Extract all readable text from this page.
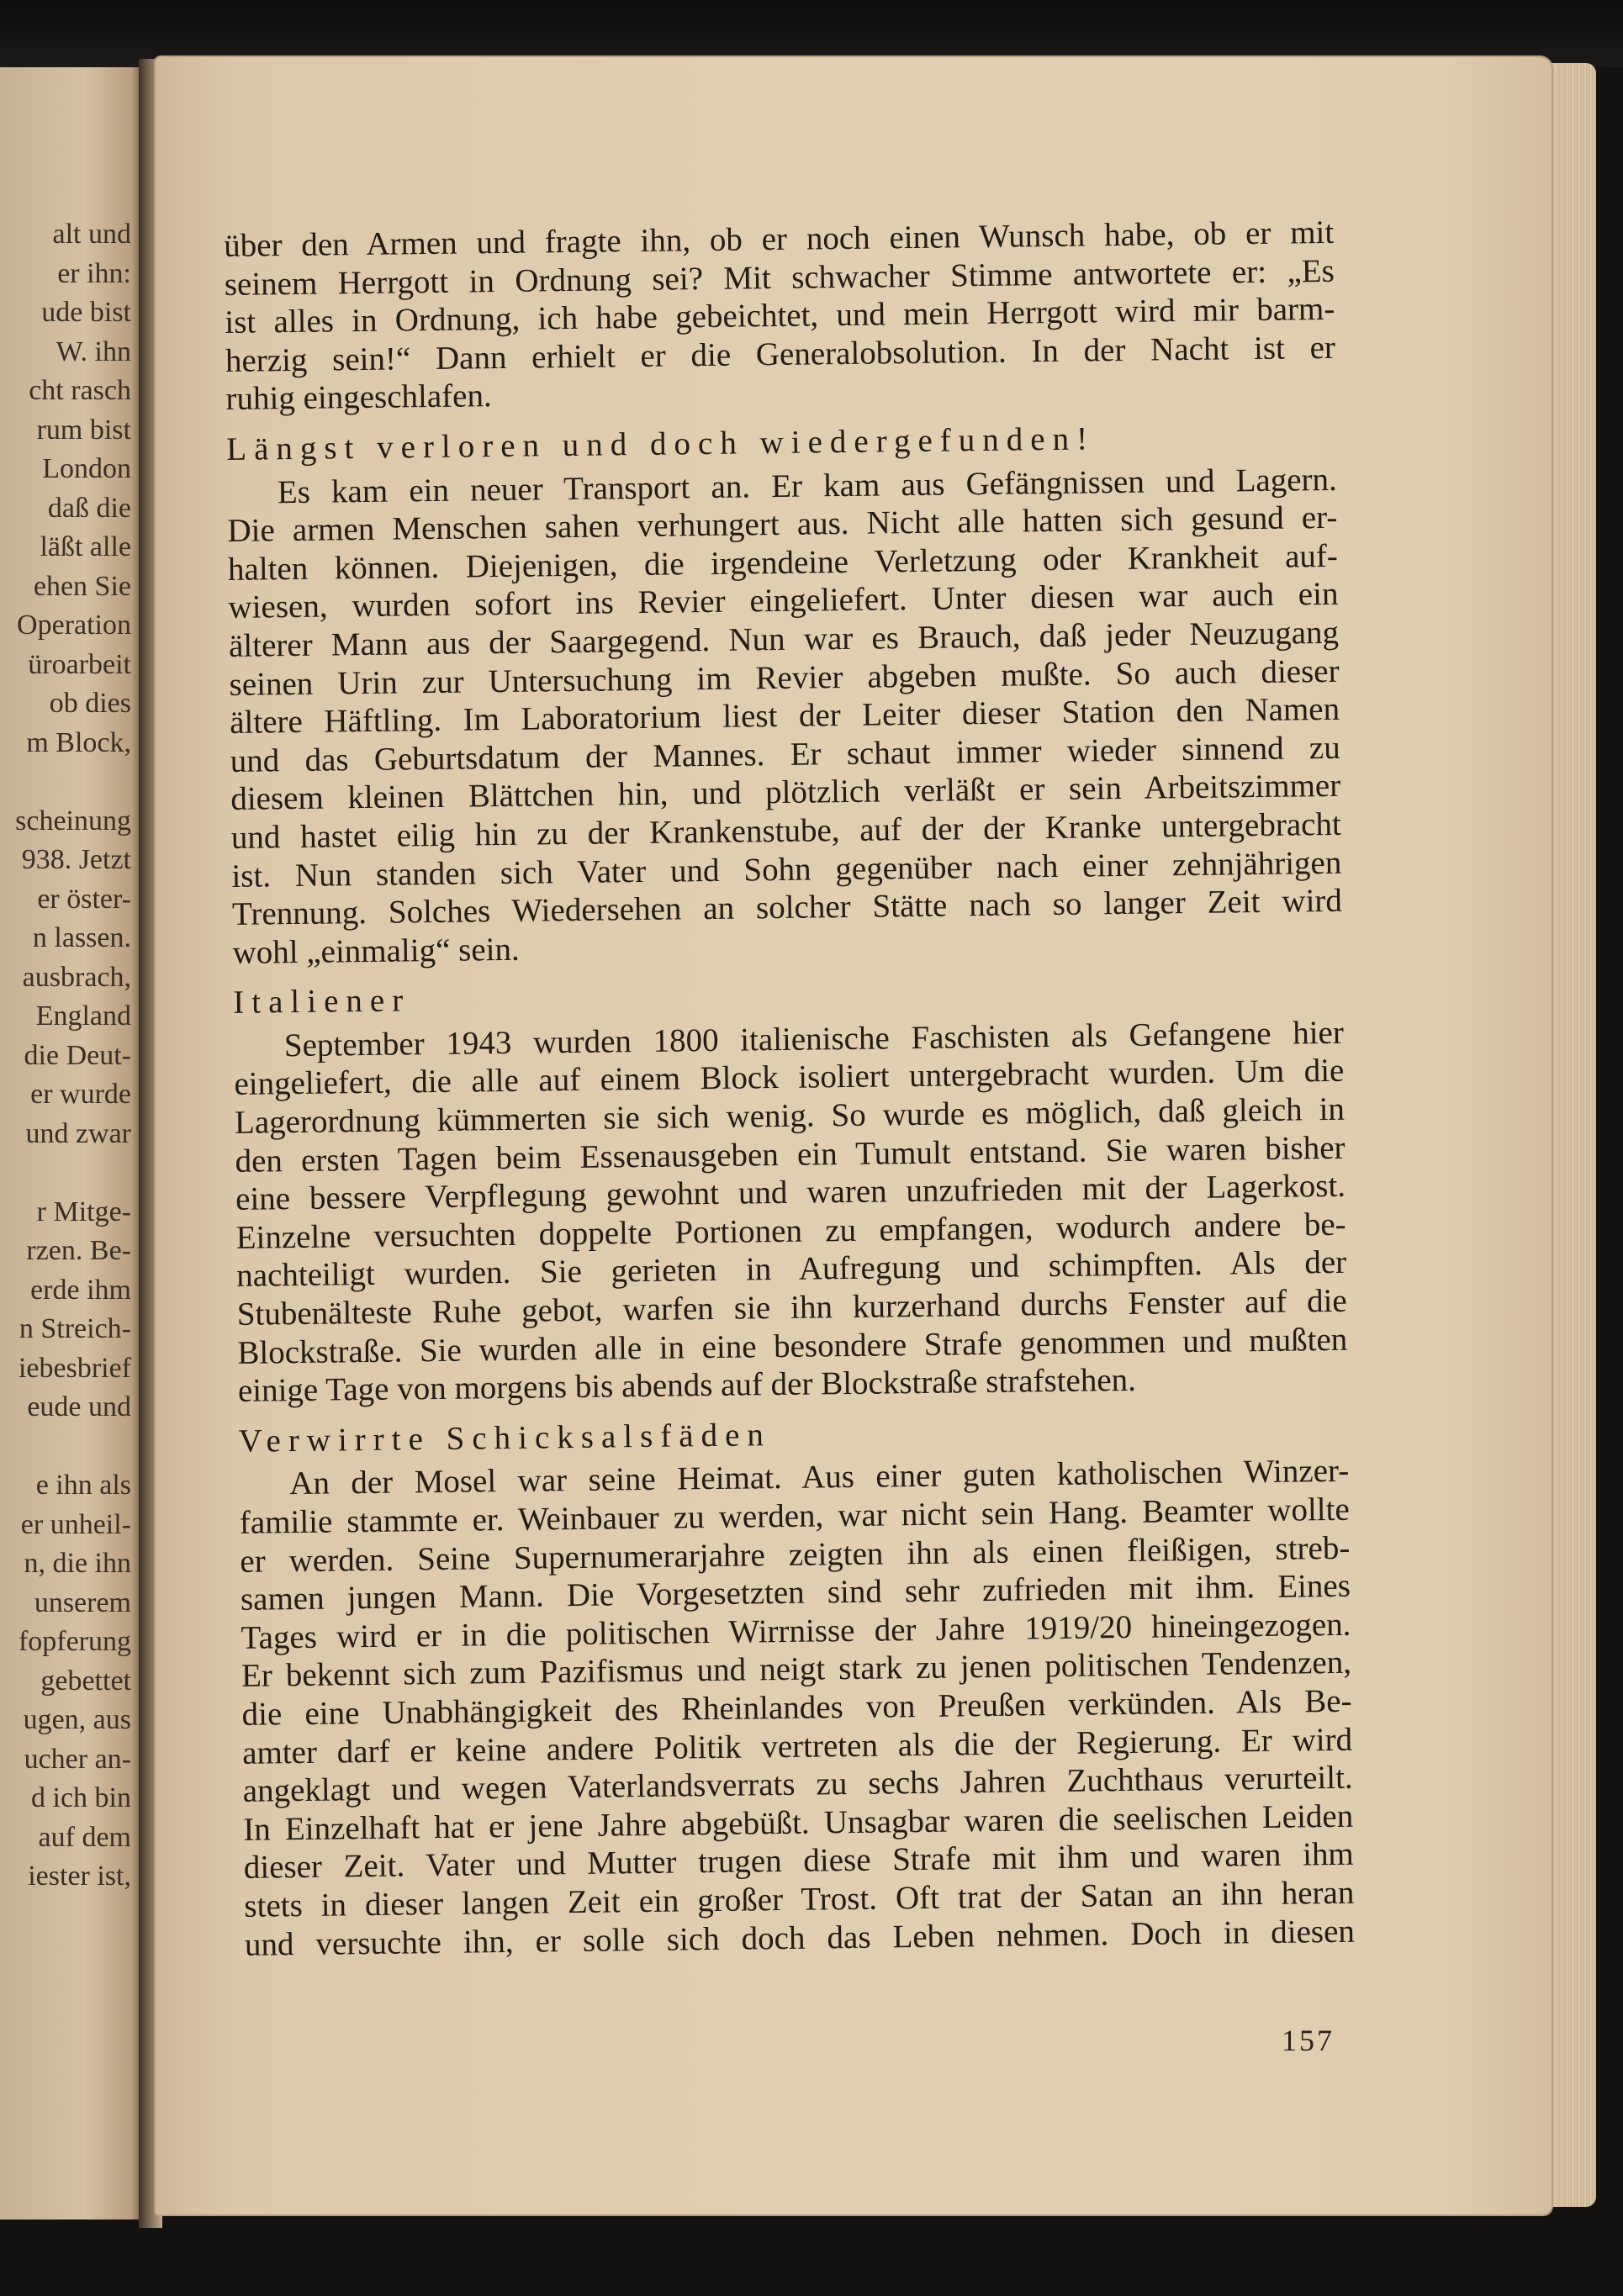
alt und
er ihn:
ude bist
W. ihn
cht rasch
rum bist
London
daß die
läßt alle
ehen Sie
Operation
üroarbeit
ob dies
m Block,
scheinung
938. Jetzt
er öster-
n lassen.
ausbrach,
England
die Deut-
er wurde
und zwar
r Mitge-
rzen. Be-
erde ihm
n Streich-
iebesbrief
eude und
e ihn als
er unheil-
n, die ihn
unserem
fopferung
gebettet
ugen, aus
ucher an-
d ich bin
auf dem
iester ist,
über den Armen und fragte ihn, ob er noch einen Wunsch habe, ob er mit
seinem Herrgott in Ordnung sei? Mit schwacher Stimme antwortete er: „Es
ist alles in Ordnung, ich habe gebeichtet, und mein Herrgott wird mir barm-
herzig sein!“ Dann erhielt er die Generalobsolution. In der Nacht ist er
ruhig eingeschlafen.
Längst verloren und doch wiedergefunden!
Es kam ein neuer Transport an. Er kam aus Gefängnissen und Lagern.
Die armen Menschen sahen verhungert aus. Nicht alle hatten sich gesund er-
halten können. Diejenigen, die irgendeine Verletzung oder Krankheit auf-
wiesen, wurden sofort ins Revier eingeliefert. Unter diesen war auch ein
älterer Mann aus der Saargegend. Nun war es Brauch, daß jeder Neuzugang
seinen Urin zur Untersuchung im Revier abgeben mußte. So auch dieser
ältere Häftling. Im Laboratorium liest der Leiter dieser Station den Namen
und das Geburtsdatum der Mannes. Er schaut immer wieder sinnend zu
diesem kleinen Blättchen hin, und plötzlich verläßt er sein Arbeitszimmer
und hastet eilig hin zu der Krankenstube, auf der der Kranke untergebracht
ist. Nun standen sich Vater und Sohn gegenüber nach einer zehnjährigen
Trennung. Solches Wiedersehen an solcher Stätte nach so langer Zeit wird
wohl „einmalig“ sein.
Italiener
September 1943 wurden 1800 italienische Faschisten als Gefangene hier
eingeliefert, die alle auf einem Block isoliert untergebracht wurden. Um die
Lagerordnung kümmerten sie sich wenig. So wurde es möglich, daß gleich in
den ersten Tagen beim Essenausgeben ein Tumult entstand. Sie waren bisher
eine bessere Verpflegung gewohnt und waren unzufrieden mit der Lagerkost.
Einzelne versuchten doppelte Portionen zu empfangen, wodurch andere be-
nachteiligt wurden. Sie gerieten in Aufregung und schimpften. Als der
Stubenälteste Ruhe gebot, warfen sie ihn kurzerhand durchs Fenster auf die
Blockstraße. Sie wurden alle in eine besondere Strafe genommen und mußten
einige Tage von morgens bis abends auf der Blockstraße strafstehen.
Verwirrte Schicksalsfäden
An der Mosel war seine Heimat. Aus einer guten katholischen Winzer-
familie stammte er. Weinbauer zu werden, war nicht sein Hang. Beamter wollte
er werden. Seine Supernumerarjahre zeigten ihn als einen fleißigen, streb-
samen jungen Mann. Die Vorgesetzten sind sehr zufrieden mit ihm. Eines
Tages wird er in die politischen Wirrnisse der Jahre 1919/20 hineingezogen.
Er bekennt sich zum Pazifismus und neigt stark zu jenen politischen Tendenzen,
die eine Unabhängigkeit des Rheinlandes von Preußen verkünden. Als Be-
amter darf er keine andere Politik vertreten als die der Regierung. Er wird
angeklagt und wegen Vaterlandsverrats zu sechs Jahren Zuchthaus verurteilt.
In Einzelhaft hat er jene Jahre abgebüßt. Unsagbar waren die seelischen Leiden
dieser Zeit. Vater und Mutter trugen diese Strafe mit ihm und waren ihm
stets in dieser langen Zeit ein großer Trost. Oft trat der Satan an ihn heran
und versuchte ihn, er solle sich doch das Leben nehmen. Doch in diesen
157
